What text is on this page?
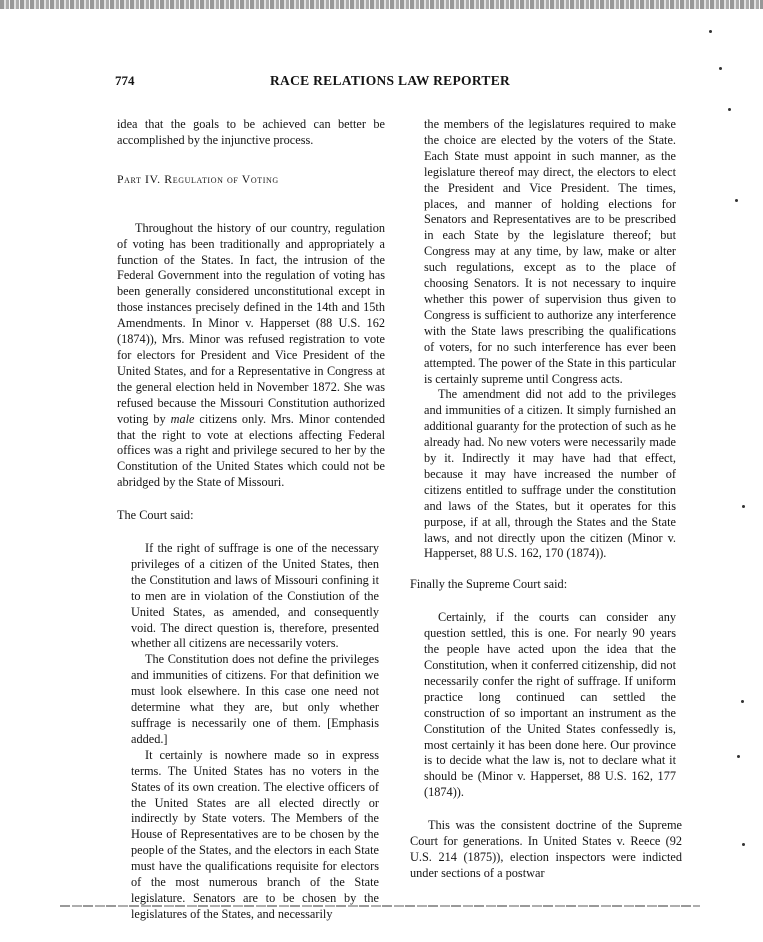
774	RACE RELATIONS LAW REPORTER

idea that the goals to be achieved can better be accomplished by the injunctive process.

Part IV. Regulation of Voting

Throughout the history of our country, regulation of voting has been traditionally and appropriately a function of the States. In fact, the intrusion of the Federal Government into the regulation of voting has been generally considered unconstitutional except in those instances precisely defined in the 14th and 15th Amendments. In Minor v. Happerset (88 U.S. 162 (1874)), Mrs. Minor was refused registration to vote for electors for President and Vice President of the United States, and for a Representative in Congress at the general election held in November 1872. She was refused because the Missouri Constitution authorized voting by male citizens only. Mrs. Minor contended that the right to vote at elections affecting Federal offices was a right and privilege secured to her by the Constitution of the United States which could not be abridged by the State of Missouri.

The Court said:

If the right of suffrage is one of the necessary privileges of a citizen of the United States, then the Constitution and laws of Missouri confining it to men are in violation of the Constiution of the United States, as amended, and consequently void. The direct question is, therefore, presented whether all citizens are necessarily voters.

The Constitution does not define the privileges and immunities of citizens. For that definition we must look elsewhere. In this case one need not determine what they are, but only whether suffrage is necessarily one of them. [Emphasis added.]

It certainly is nowhere made so in express terms. The United States has no voters in the States of its own creation. The elective officers of the United States are all elected directly or indirectly by State voters. The Members of the House of Representatives are to be chosen by the people of the States, and the electors in each State must have the qualifications requisite for electors of the most numerous branch of the State legislature. Senators are to be chosen by the legislatures of the States, and necessarily

the members of the legislatures required to make the choice are elected by the voters of the State. Each State must appoint in such manner, as the legislature thereof may direct, the electors to elect the President and Vice President. The times, places, and manner of holding elections for Senators and Representatives are to be prescribed in each State by the legislature thereof; but Congress may at any time, by law, make or alter such regulations, except as to the place of choosing Senators. It is not necessary to inquire whether this power of supervision thus given to Congress is sufficient to authorize any interference with the State laws prescribing the qualifications of voters, for no such interference has ever been attempted. The power of the State in this particular is certainly supreme until Congress acts.

The amendment did not add to the privileges and immunities of a citizen. It simply furnished an additional guaranty for the protection of such as he already had. No new voters were necessarily made by it. Indirectly it may have had that effect, because it may have increased the number of citizens entitled to suffrage under the constitution and laws of the States, but it operates for this purpose, if at all, through the States and the State laws, and not directly upon the citizen (Minor v. Happerset, 88 U.S. 162, 170 (1874)).

Finally the Supreme Court said:

Certainly, if the courts can consider any question settled, this is one. For nearly 90 years the people have acted upon the idea that the Constitution, when it conferred citizenship, did not necessarily confer the right of suffrage. If uniform practice long continued can settled the construction of so important an instrument as the Constitution of the United States confessedly is, most certainly it has been done here. Our province is to decide what the law is, not to declare what it should be (Minor v. Happerset, 88 U.S. 162, 177 (1874)).

This was the consistent doctrine of the Supreme Court for generations. In United States v. Reece (92 U.S. 214 (1875)), election inspectors were indicted under sections of a postwar
